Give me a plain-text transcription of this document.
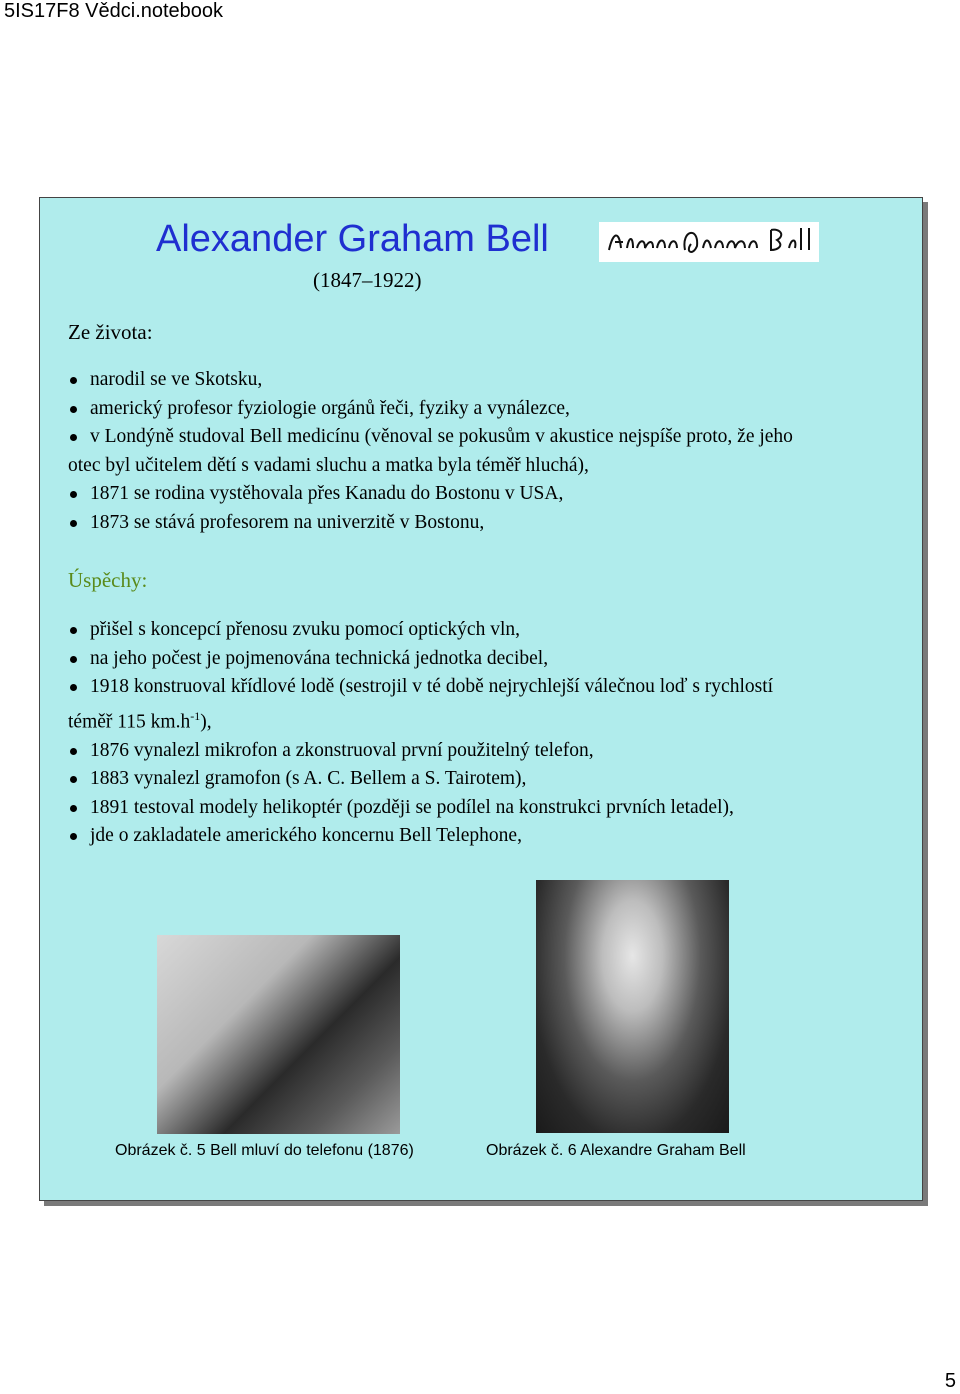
5IS17F8 Vědci.notebook
Alexander Graham Bell
(1847–1922)
Ze života:
narodil se ve Skotsku,
americký profesor fyziologie orgánů řeči, fyziky a vynálezce,
v Londýně studoval Bell medicínu (věnoval se pokusům v akustice nejspíše proto, že jeho
otec byl učitelem dětí s vadami sluchu a matka byla téměř hluchá),
1871 se rodina vystěhovala přes Kanadu do Bostonu v USA,
1873 se stává profesorem na univerzitě v Bostonu,
Úspěchy:
přišel s koncepcí přenosu zvuku pomocí optických vln,
na jeho počest je pojmenována technická jednotka decibel,
1918 konstruoval křídlové lodě (sestrojil v té době nejrychlejší válečnou loď s rychlostí
téměř 115 $km.h^{-1}$),
1876 vynalezl mikrofon a zkonstruoval první použitelný telefon,
1883 vynalezl gramofon (s A. C. Bellem a S. Tairotem),
1891 testoval modely helikoptér (později se podílel na konstrukci prvních letadel),
jde o zakladatele amerického koncernu Bell Telephone,
Obrázek č. 5 Bell mluví do telefonu (1876)	Obrázek č. 6 Alexandre Graham Bell
5
